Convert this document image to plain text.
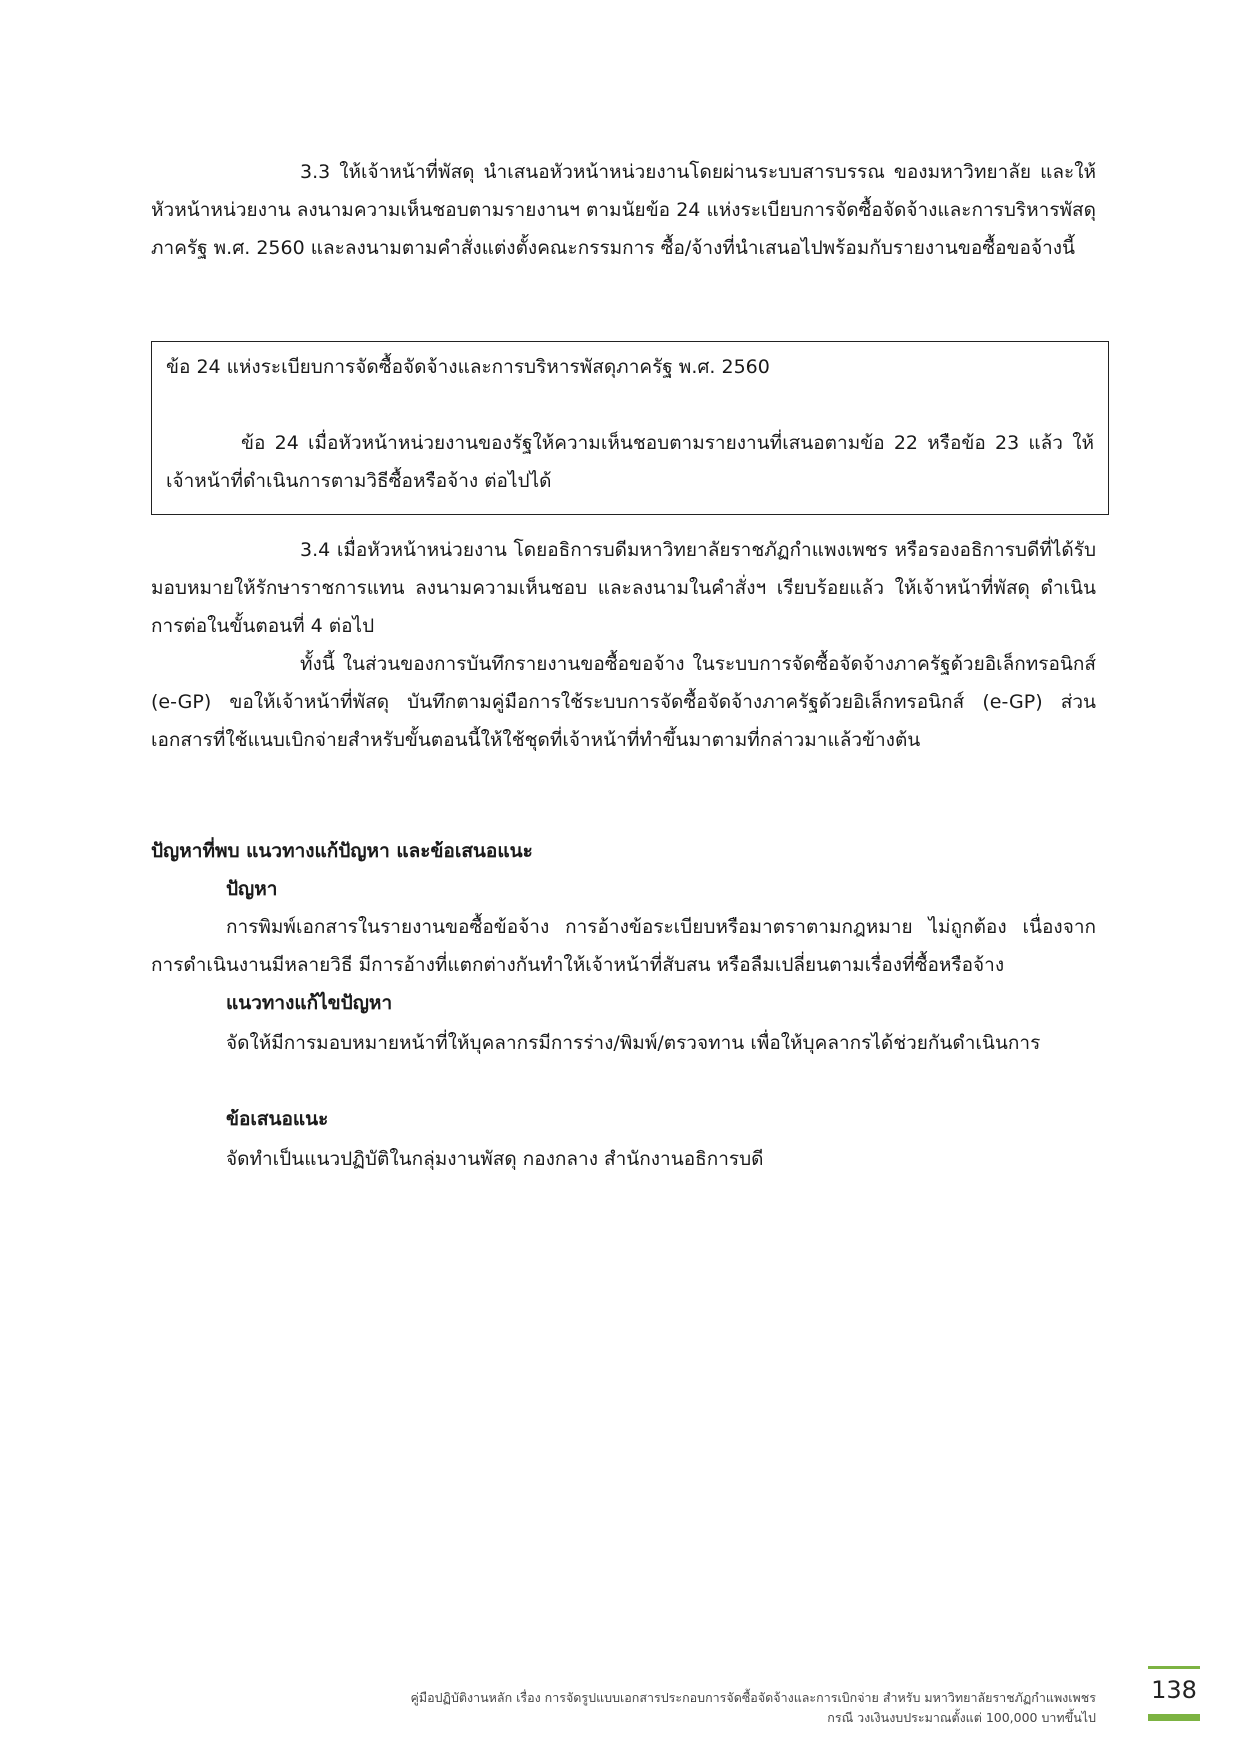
3.3 ให้เจ้าหน้าที่พัสดุ นำเสนอหัวหน้าหน่วยงานโดยผ่านระบบสารบรรณ ของมหาวิทยาลัย และให้หัวหน้าหน่วยงาน ลงนามความเห็นชอบตามรายงานฯ ตามนัยข้อ 24 แห่งระเบียบการจัดซื้อจัดจ้างและการบริหารพัสดุภาครัฐ พ.ศ. 2560 และลงนามตามคำสั่งแต่งตั้งคณะกรรมการ ซื้อ/จ้างที่นำเสนอไปพร้อมกับรายงานขอซื้อขอจ้างนี้

ข้อ 24 แห่งระเบียบการจัดซื้อจัดจ้างและการบริหารพัสดุภาครัฐ พ.ศ. 2560

ข้อ 24 เมื่อหัวหน้าหน่วยงานของรัฐให้ความเห็นชอบตามรายงานที่เสนอตามข้อ 22 หรือข้อ 23 แล้ว ให้เจ้าหน้าที่ดำเนินการตามวิธีซื้อหรือจ้าง ต่อไปได้

3.4 เมื่อหัวหน้าหน่วยงาน โดยอธิการบดีมหาวิทยาลัยราชภัฏกำแพงเพชร หรือรองอธิการบดีที่ได้รับมอบหมายให้รักษาราชการแทน ลงนามความเห็นชอบ และลงนามในคำสั่งฯ เรียบร้อยแล้ว ให้เจ้าหน้าที่พัสดุ ดำเนินการต่อในขั้นตอนที่ 4 ต่อไป

ทั้งนี้ ในส่วนของการบันทึกรายงานขอซื้อขอจ้าง ในระบบการจัดซื้อจัดจ้างภาครัฐด้วยอิเล็กทรอนิกส์ (e-GP) ขอให้เจ้าหน้าที่พัสดุ บันทึกตามคู่มือการใช้ระบบการจัดซื้อจัดจ้างภาครัฐด้วยอิเล็กทรอนิกส์ (e-GP) ส่วนเอกสารที่ใช้แนบเบิกจ่ายสำหรับขั้นตอนนี้ให้ใช้ชุดที่เจ้าหน้าที่ทำขึ้นมาตามที่กล่าวมาแล้วข้างต้น

ปัญหาที่พบ แนวทางแก้ปัญหา และข้อเสนอแนะ

ปัญหา

การพิมพ์เอกสารในรายงานขอซื้อข้อจ้าง การอ้างข้อระเบียบหรือมาตราตามกฎหมาย ไม่ถูกต้อง เนื่องจากการดำเนินงานมีหลายวิธี มีการอ้างที่แตกต่างกันทำให้เจ้าหน้าที่สับสน หรือลืมเปลี่ยนตามเรื่องที่ซื้อหรือจ้าง

แนวทางแก้ไขปัญหา

จัดให้มีการมอบหมายหน้าที่ให้บุคลากรมีการร่าง/พิมพ์/ตรวจทาน เพื่อให้บุคลากรได้ช่วยกันดำเนินการ

ข้อเสนอแนะ

จัดทำเป็นแนวปฏิบัติในกลุ่มงานพัสดุ กองกลาง สำนักงานอธิการบดี

คู่มือปฏิบัติงานหลัก เรื่อง การจัดรูปแบบเอกสารประกอบการจัดซื้อจัดจ้างและการเบิกจ่าย สำหรับ มหาวิทยาลัยราชภัฏกำแพงเพชร
กรณี วงเงินงบประมาณตั้งแต่ 100,000 บาทขึ้นไป
138
